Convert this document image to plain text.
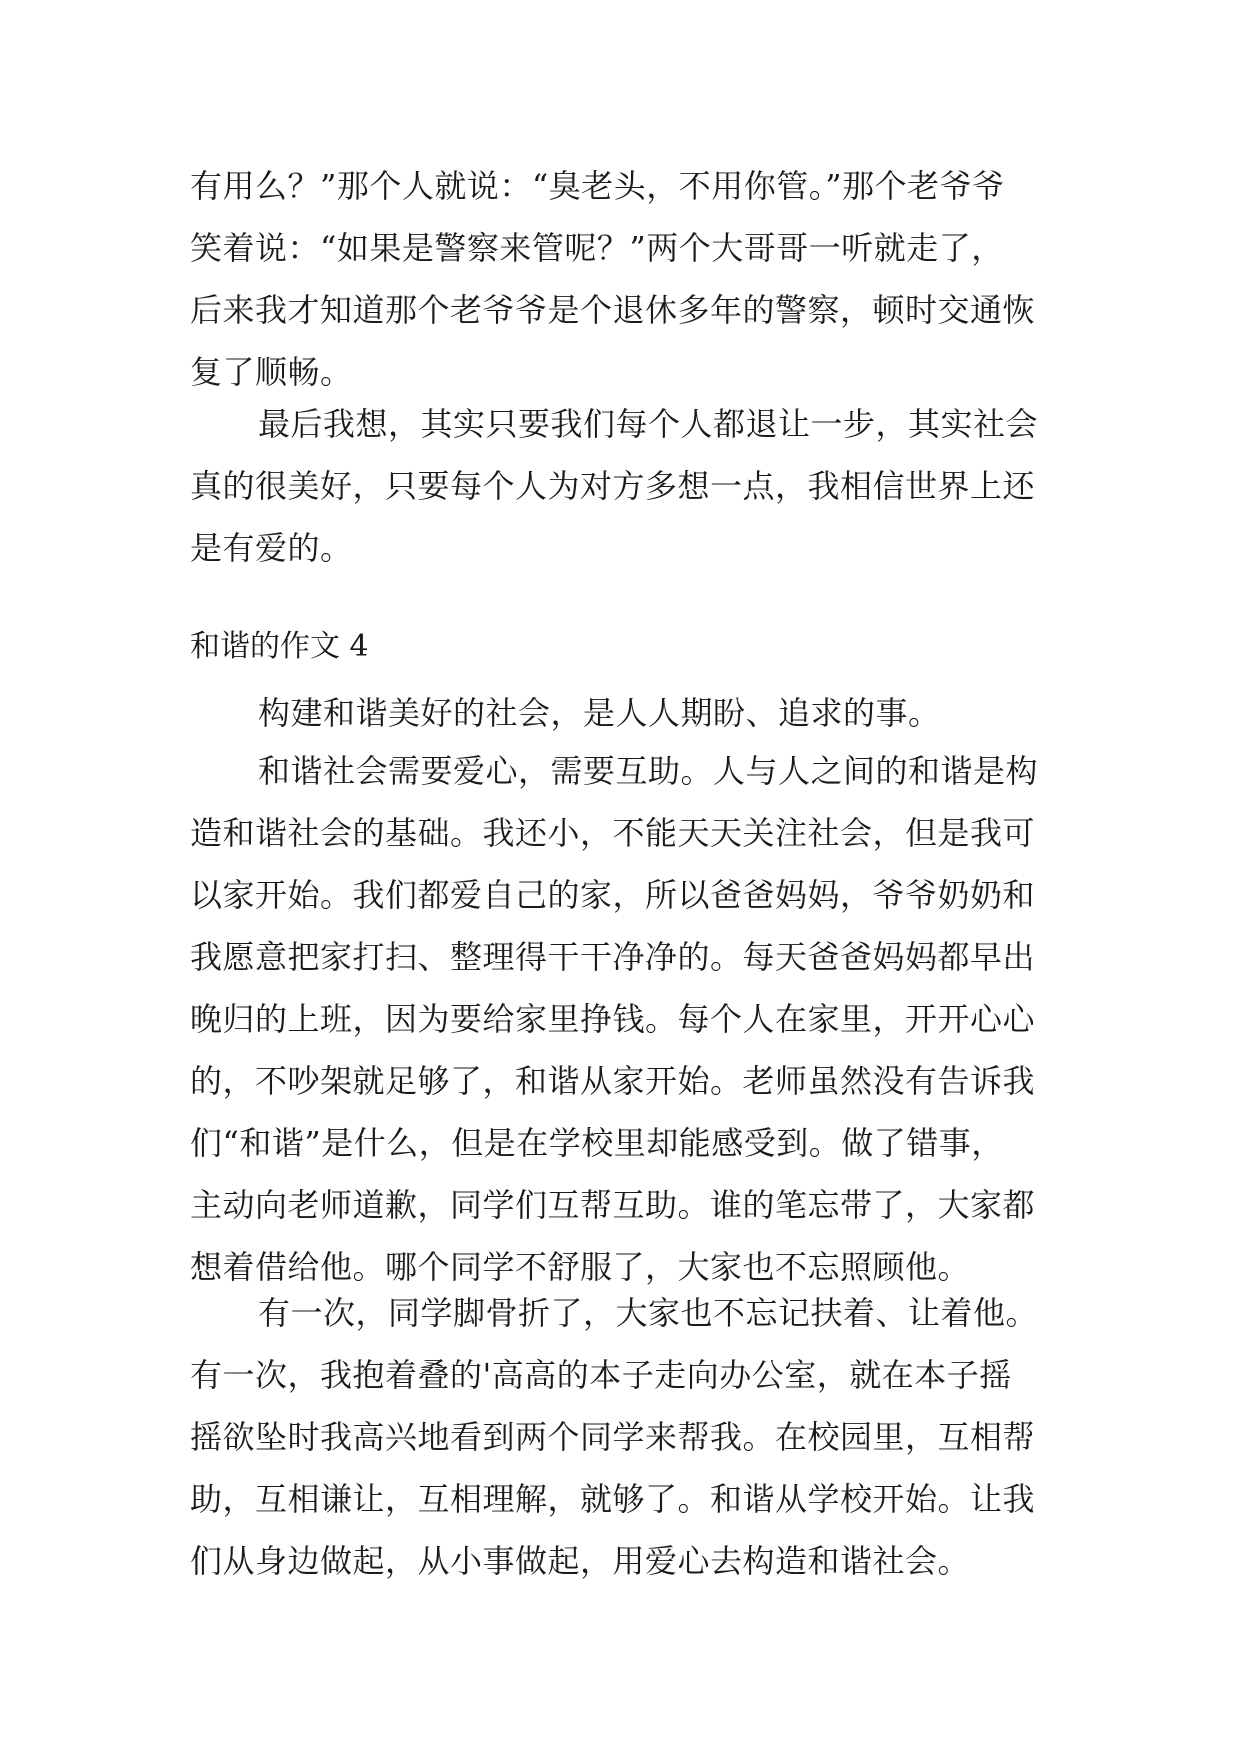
有用么？”那个人就说：“臭老头，不用你管。”那个老爷爷
笑着说：“如果是警察来管呢？”两个大哥哥一听就走了，
后来我才知道那个老爷爷是个退休多年的警察，顿时交通恢
复了顺畅。
最后我想，其实只要我们每个人都退让一步，其实社会
真的很美好，只要每个人为对方多想一点，我相信世界上还
是有爱的。
和谐的作文 4
构建和谐美好的社会，是人人期盼、追求的事。
和谐社会需要爱心，需要互助。人与人之间的和谐是构
造和谐社会的基础。我还小，不能天天关注社会，但是我可
以家开始。我们都爱自己的家，所以爸爸妈妈，爷爷奶奶和
我愿意把家打扫、整理得干干净净的。每天爸爸妈妈都早出
晚归的上班，因为要给家里挣钱。每个人在家里，开开心心
的，不吵架就足够了，和谐从家开始。老师虽然没有告诉我
们“和谐”是什么，但是在学校里却能感受到。做了错事，
主动向老师道歉，同学们互帮互助。谁的笔忘带了，大家都
想着借给他。哪个同学不舒服了，大家也不忘照顾他。
有一次，同学脚骨折了，大家也不忘记扶着、让着他。
有一次，我抱着叠的'高高的本子走向办公室，就在本子摇
摇欲坠时我高兴地看到两个同学来帮我。在校园里，互相帮
助，互相谦让，互相理解，就够了。和谐从学校开始。让我
们从身边做起，从小事做起，用爱心去构造和谐社会。
